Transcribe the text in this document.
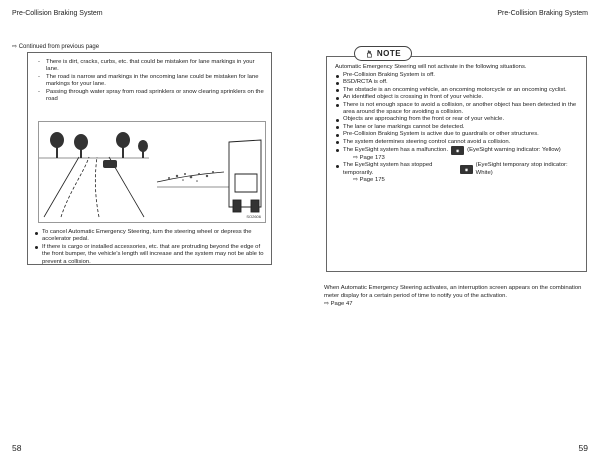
Pre-Collision Braking System	Pre-Collision Braking System
⇨ Continued from previous page
- There is dirt, cracks, curbs, etc. that could be mistaken for lane markings in your lane.
- The road is narrow and markings in the oncoming lane could be mistaken for lane markings for your lane.
- Passing through water spray from road sprinklers or snow clearing sprinklers on the road
SO2606
To cancel Automatic Emergency Steering, turn the steering wheel or depress the accelerator pedal.
If there is cargo or installed accessories, etc. that are protruding beyond the edge of the front bumper, the vehicle's length will increase and the system may not be able to prevent a collision.
Automatic Emergency Steering will not activate in the following situations.
Pre-Collision Braking System is off.
BSD/RCTA is off.
The obstacle is an oncoming vehicle, an oncoming motorcycle or an oncoming cyclist.
An identified object is crossing in front of your vehicle.
There is not enough space to avoid a collision, or another object has been detected in the area around the space for avoiding a collision.
Objects are approaching from the front or rear of your vehicle.
The lane or lane markings cannot be detected.
Pre-Collision Braking System is active due to guardrails or other structures.
The system determines steering control cannot avoid a collision.
The EyeSight system has a malfunction.	◉	(EyeSight warning indicator: Yellow)
⇨ Page 173
The EyeSight system has stopped temporarily.	◉
(EyeSight temporary stop indicator: White)
⇨ Page 175
NOTE
When Automatic Emergency Steering activates, an interruption screen appears on the combination meter display for a certain period of time to notify you of the activation.
⇨ Page 47
58	59
